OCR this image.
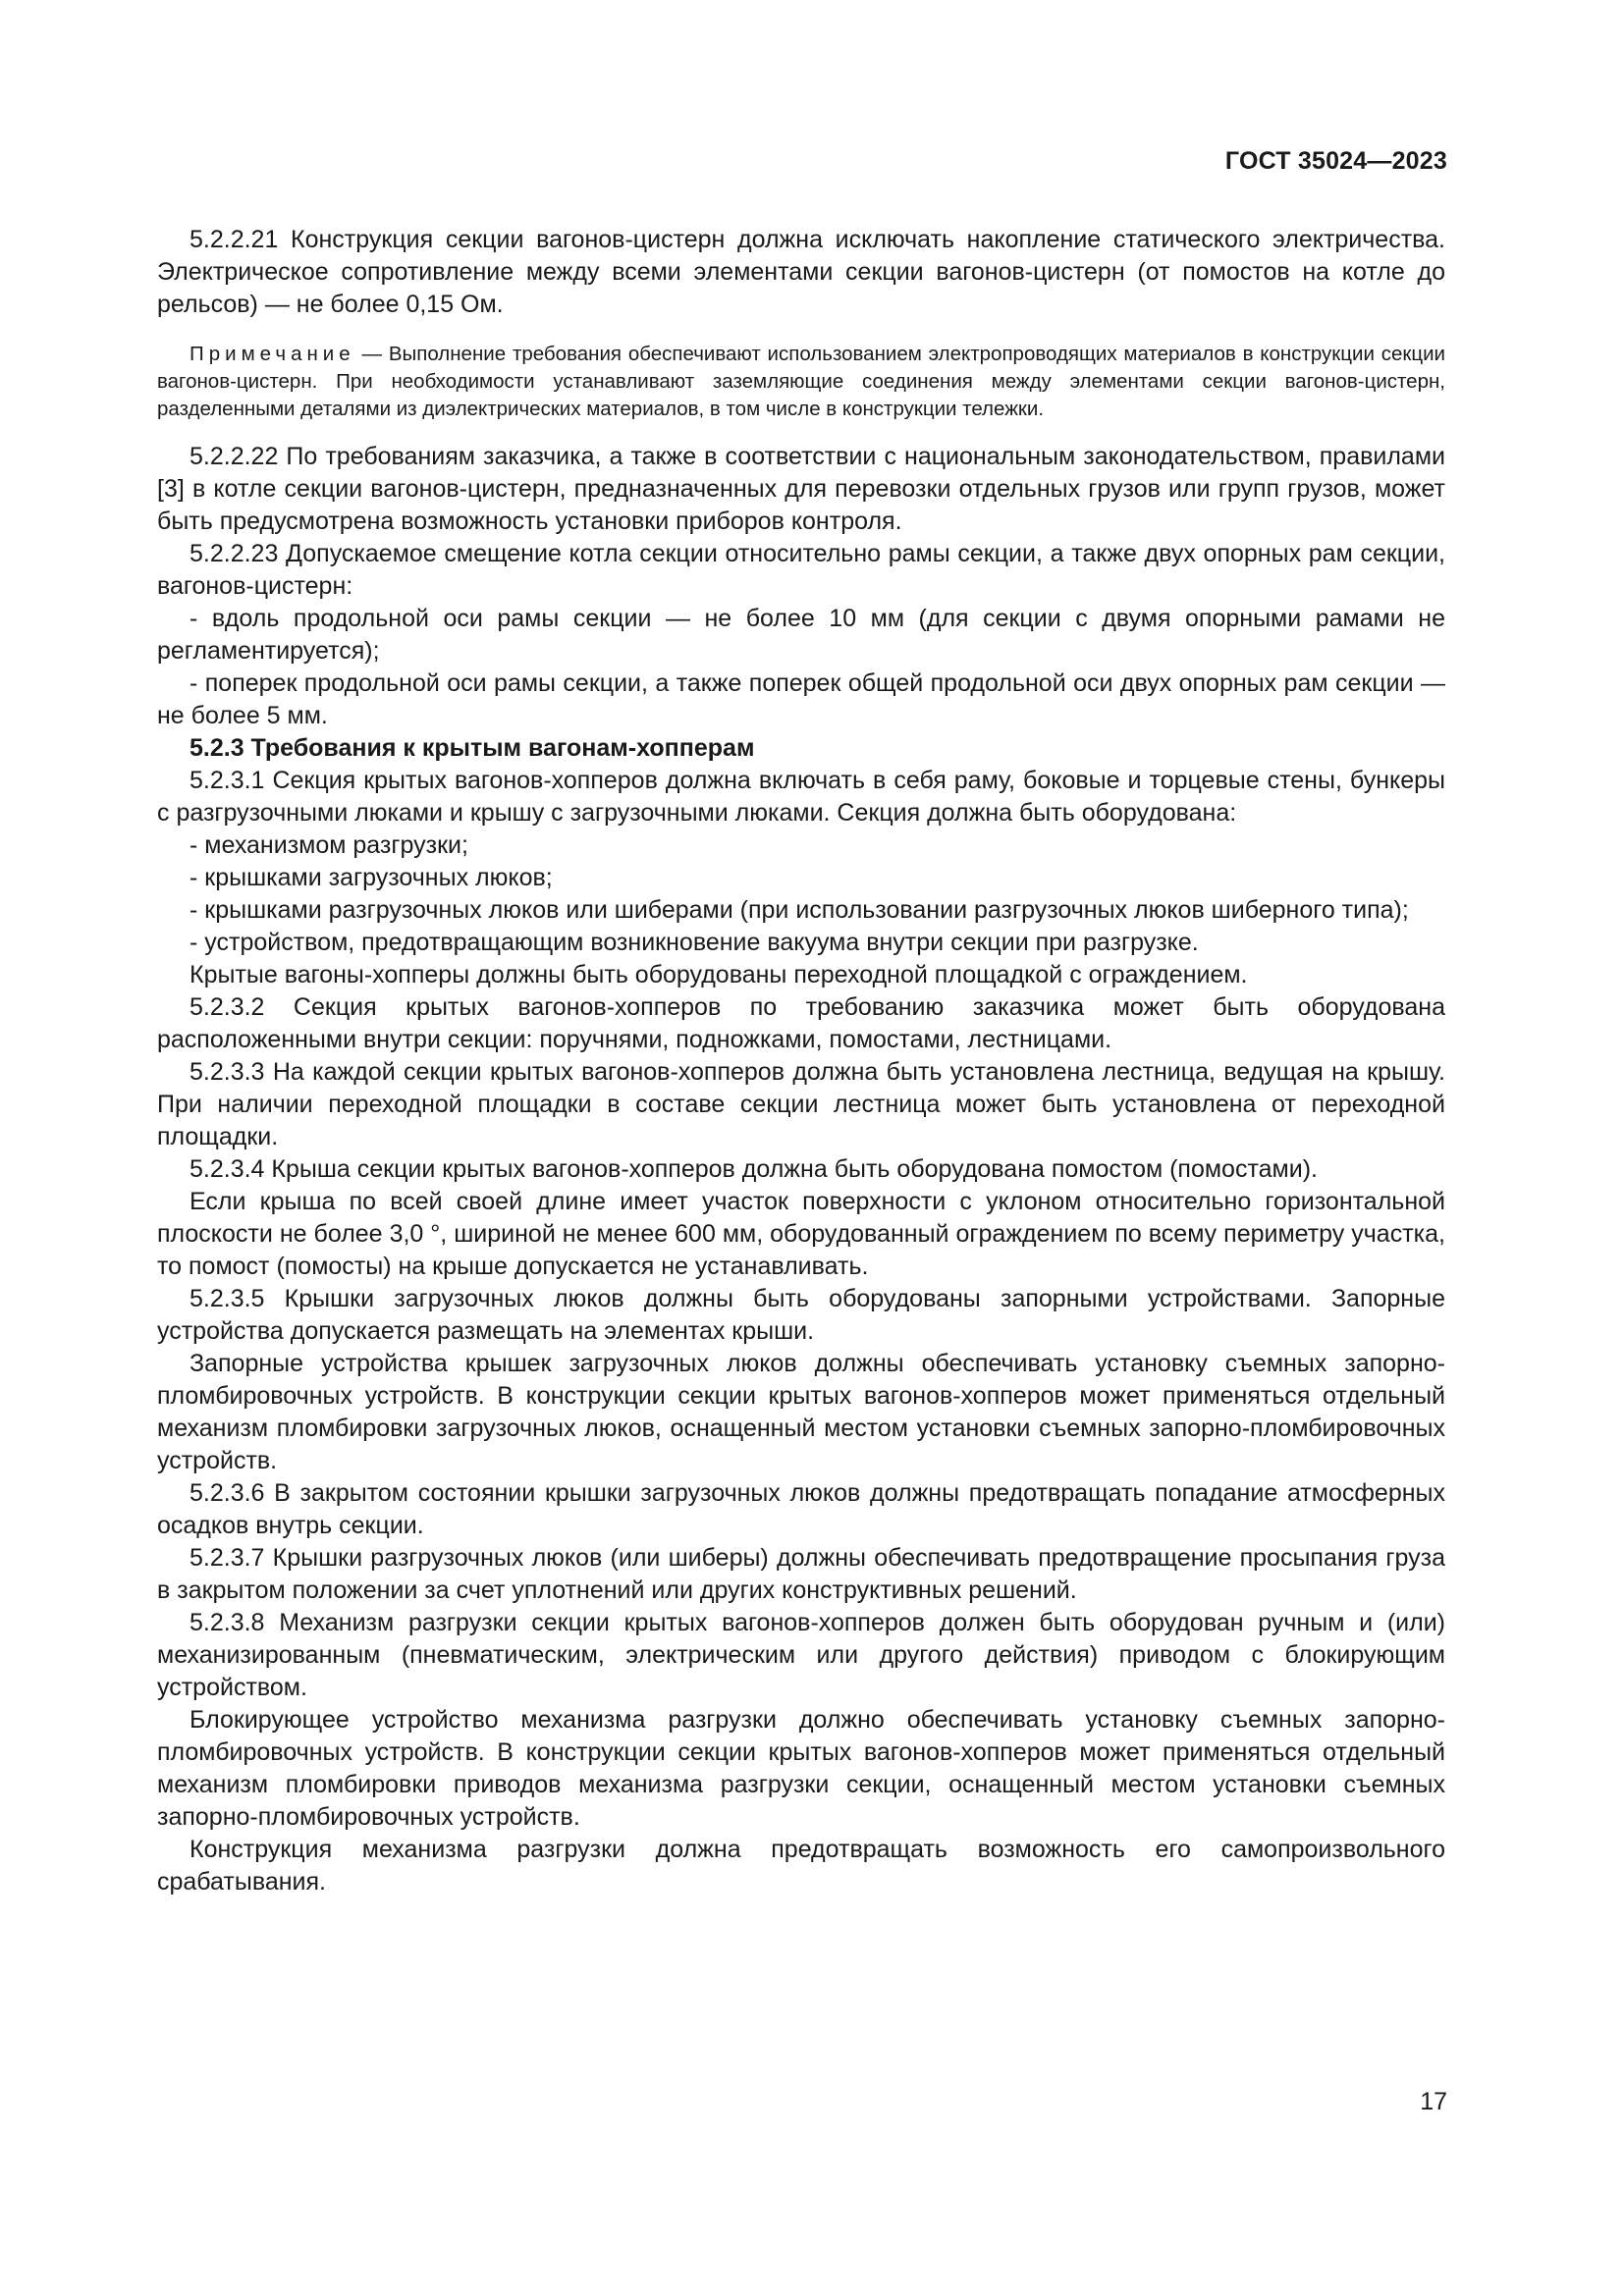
ГОСТ 35024—2023

5.2.2.21 Конструкция секции вагонов-цистерн должна исключать накопление статического электричества. Электрическое сопротивление между всеми элементами секции вагонов-цистерн (от помостов на котле до рельсов) — не более 0,15 Ом.

Примечание — Выполнение требования обеспечивают использованием электропроводящих материалов в конструкции секции вагонов-цистерн. При необходимости устанавливают заземляющие соединения между элементами секции вагонов-цистерн, разделенными деталями из диэлектрических материалов, в том числе в конструкции тележки.

5.2.2.22 По требованиям заказчика, а также в соответствии с национальным законодательством, правилами [3] в котле секции вагонов-цистерн, предназначенных для перевозки отдельных грузов или групп грузов, может быть предусмотрена возможность установки приборов контроля.

5.2.2.23 Допускаемое смещение котла секции относительно рамы секции, а также двух опорных рам секции, вагонов-цистерн:

- вдоль продольной оси рамы секции — не более 10 мм (для секции с двумя опорными рамами не регламентируется);

- поперек продольной оси рамы секции, а также поперек общей продольной оси двух опорных рам секции — не более 5 мм.

5.2.3 Требования к крытым вагонам-хопперам

5.2.3.1 Секция крытых вагонов-хопперов должна включать в себя раму, боковые и торцевые стены, бункеры с разгрузочными люками и крышу с загрузочными люками. Секция должна быть оборудована:

- механизмом разгрузки;

- крышками загрузочных люков;

- крышками разгрузочных люков или шиберами (при использовании разгрузочных люков шиберного типа);

- устройством, предотвращающим возникновение вакуума внутри секции при разгрузке.

Крытые вагоны-хопперы должны быть оборудованы переходной площадкой с ограждением.

5.2.3.2 Секция крытых вагонов-хопперов по требованию заказчика может быть оборудована расположенными внутри секции: поручнями, подножками, помостами, лестницами.

5.2.3.3 На каждой секции крытых вагонов-хопперов должна быть установлена лестница, ведущая на крышу. При наличии переходной площадки в составе секции лестница может быть установлена от переходной площадки.

5.2.3.4 Крыша секции крытых вагонов-хопперов должна быть оборудована помостом (помостами).

Если крыша по всей своей длине имеет участок поверхности с уклоном относительно горизонтальной плоскости не более 3,0 °, шириной не менее 600 мм, оборудованный ограждением по всему периметру участка, то помост (помосты) на крыше допускается не устанавливать.

5.2.3.5 Крышки загрузочных люков должны быть оборудованы запорными устройствами. Запорные устройства допускается размещать на элементах крыши.

Запорные устройства крышек загрузочных люков должны обеспечивать установку съемных запорно-пломбировочных устройств. В конструкции секции крытых вагонов-хопперов может применяться отдельный механизм пломбировки загрузочных люков, оснащенный местом установки съемных запорно-пломбировочных устройств.

5.2.3.6 В закрытом состоянии крышки загрузочных люков должны предотвращать попадание атмосферных осадков внутрь секции.

5.2.3.7 Крышки разгрузочных люков (или шиберы) должны обеспечивать предотвращение просыпания груза в закрытом положении за счет уплотнений или других конструктивных решений.

5.2.3.8 Механизм разгрузки секции крытых вагонов-хопперов должен быть оборудован ручным и (или) механизированным (пневматическим, электрическим или другого действия) приводом с блокирующим устройством.

Блокирующее устройство механизма разгрузки должно обеспечивать установку съемных запорно-пломбировочных устройств. В конструкции секции крытых вагонов-хопперов может применяться отдельный механизм пломбировки приводов механизма разгрузки секции, оснащенный местом установки съемных запорно-пломбировочных устройств.

Конструкция механизма разгрузки должна предотвращать возможность его самопроизвольного срабатывания.

17
